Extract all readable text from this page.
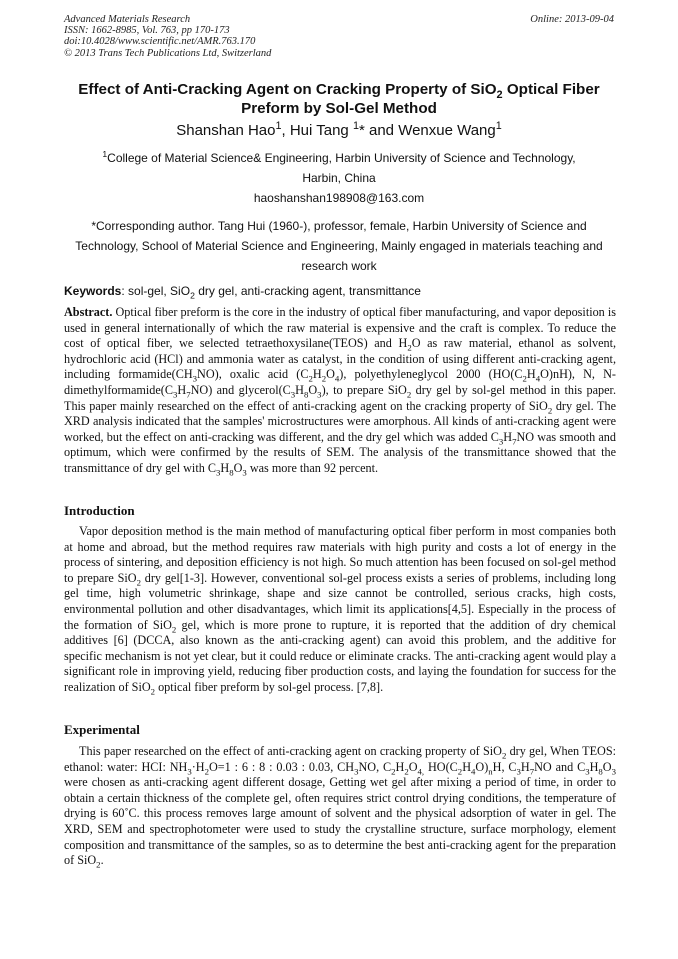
Advanced Materials Research
ISSN: 1662-8985, Vol. 763, pp 170-173
doi:10.4028/www.scientific.net/AMR.763.170
© 2013 Trans Tech Publications Ltd, Switzerland
Online: 2013-09-04
Effect of Anti-Cracking Agent on Cracking Property of SiO$_2$ Optical Fiber
Preform by Sol-Gel Method
Shanshan Hao$^1$, Hui Tang $^1$* and Wenxue Wang$^1$
$^1$College of Material Science& Engineering, Harbin University of Science and Technology,
Harbin, China
haoshanshan198908@163.com
*Corresponding author. Tang Hui (1960-), professor, female, Harbin University of Science and
Technology, School of Material Science and Engineering, Mainly engaged in materials teaching and
research work
Keywords: sol-gel, SiO$_2$ dry gel, anti-cracking agent, transmittance
Abstract. Optical fiber preform is the core in the industry of optical fiber manufacturing, and vapor deposition is used in general internationally of which the raw material is expensive and the craft is complex. To reduce the cost of optical fiber, we selected tetraethoxysilane(TEOS) and $H_2O$ as raw material, ethanol as solvent, hydrochloric acid (HCl) and ammonia water as catalyst, in the condition of using different anti-cracking agent, including $formamide(CH_3NO)$, oxalic acid $(C_2H_2O_4)$, polyethyleneglycol 2000 $(HO(C_2H_4O)nH)$, N, $N-dimethylformamide(C_3H_7NO)$ and $glycerol(C_3H_8O_3)$, to prepare SiO$_2$ dry gel by sol-gel method in this paper. This paper mainly researched on the effect of anti-cracking agent on the cracking property of SiO$_2$ dry gel. The XRD analysis indicated that the samples' microstructures were amorphous. All kinds of anti-cracking agent were worked, but the effect on anti-cracking was different, and the dry gel which was added $C_3H_7NO$ was smooth and optimum, which were confirmed by the results of SEM. The analysis of the transmittance showed that the transmittance of dry gel with $C_3H_8O_3$ was more than 92 percent.
Introduction
Vapor deposition method is the main method of manufacturing optical fiber perform in most companies both at home and abroad, but the method requires raw materials with high purity and costs a lot of energy in the process of sintering, and deposition efficiency is not high. So much attention has been focused on sol-gel method to prepare SiO$_2$ dry gel[1-3]. However, conventional sol-gel process exists a series of problems, including long gel time, high volumetric shrinkage, shape and size cannot be controlled, serious cracks, high costs, environmental pollution and other disadvantages, which limit its applications[4,5]. Especially in the process of the formation of SiO$_2$ gel, which is more prone to rupture, it is reported that the addition of dry chemical additives [6] (DCCA, also known as the anti-cracking agent) can avoid this problem, and the additive for specific mechanism is not yet clear, but it could reduce or eliminate cracks. The anti-cracking agent would play a significant role in improving yield, reducing fiber production costs, and laying the foundation for success for the realization of SiO$_2$ optical fiber preform by sol-gel process. [7,8].
Experimental
This paper researched on the effect of anti-cracking agent on cracking property of SiO$_2$ dry gel, When TEOS: ethanol: water: HCI: $NH_3\cdot H_2O=1$ : 6 : 8 : 0.03 : 0.03, $CH_3NO$, $C_2H_2O_{4,}$ $HO(C_2H_4O)_nH$, $C_3H_7NO$ and $C_3H_8O_3$ were chosen as anti-cracking agent different dosage, Getting wet gel after mixing a period of time, in order to obtain a certain thickness of the complete gel, often requires strict control drying conditions, the temperature of drying is 60˚C. this process removes large amount of solvent and the physical adsorption of water in gel. The XRD, SEM and spectrophotometer were used to study the crystalline structure, surface morphology, element composition and transmittance of the samples, so as to determine the best anti-cracking agent for the preparation of SiO$_2$.
